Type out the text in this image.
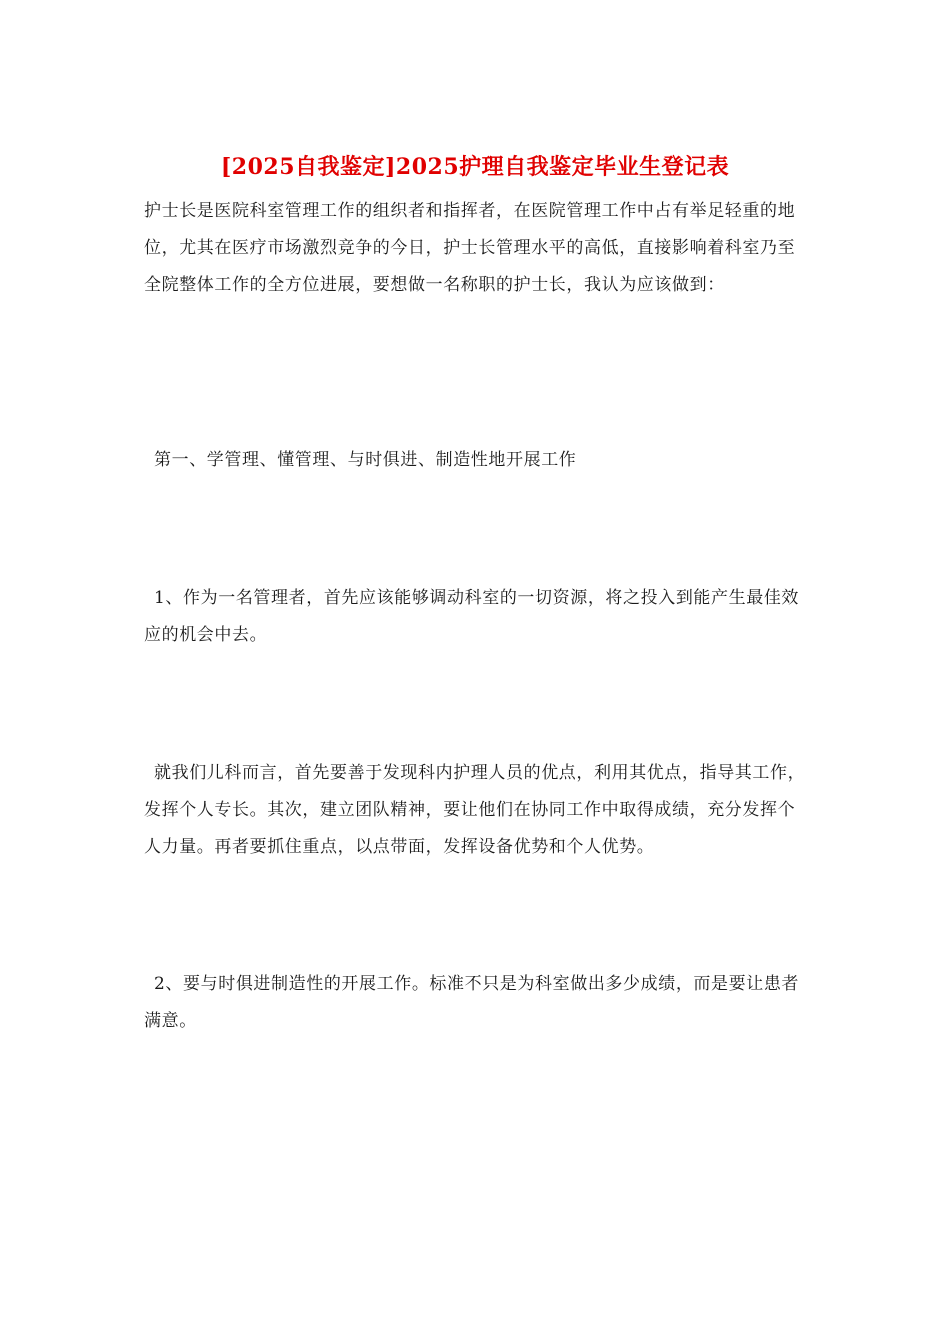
[2025自我鉴定]2025护理自我鉴定毕业生登记表

护士长是医院科室管理工作的组织者和指挥者，在医院管理工作中占有举足轻重的地位，尤其在医疗市场激烈竞争的今日，护士长管理水平的高低，直接影响着科室乃至全院整体工作的全方位进展，要想做一名称职的护士长，我认为应该做到：

第一、学管理、懂管理、与时俱进、制造性地开展工作

1、作为一名管理者，首先应该能够调动科室的一切资源，将之投入到能产生最佳效应的机会中去。

就我们儿科而言，首先要善于发现科内护理人员的优点，利用其优点，指导其工作，发挥个人专长。其次，建立团队精神，要让他们在协同工作中取得成绩，充分发挥个人力量。再者要抓住重点，以点带面，发挥设备优势和个人优势。

2、要与时俱进制造性的开展工作。标准不只是为科室做出多少成绩，而是要让患者满意。
